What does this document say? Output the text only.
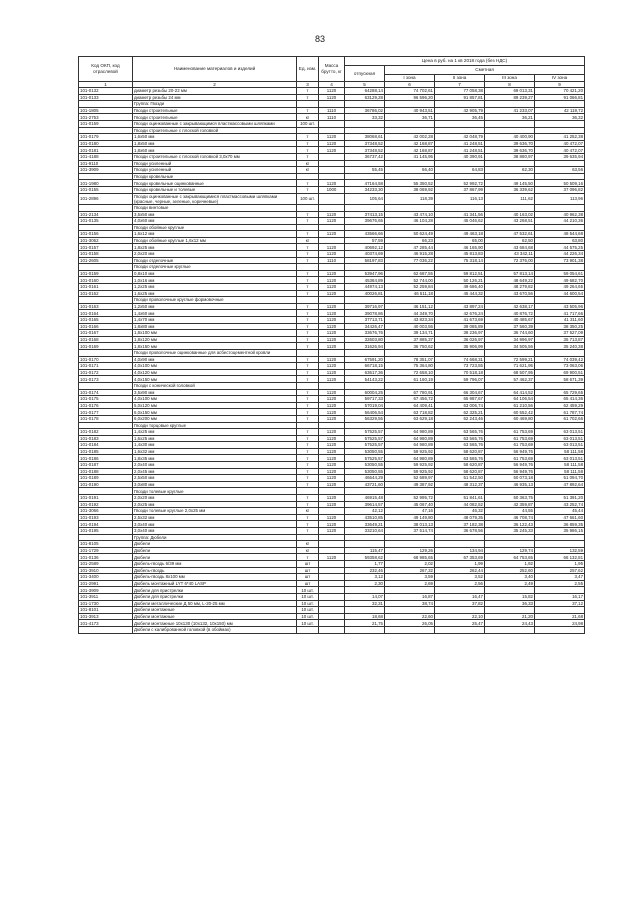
83
Код ОКП, код отраслевой	Наименование материалов и изделий	Ед. изм.	Масса брутто, кг	Цена в руб. на 1 кв 2018 года (без НДС)				
				отпускная	Сметная			
					I зона	II зона	III зона	IV зона
1	2	3	4	5	6	7	8	9
101-0132	диаметр резьбы 20-22 мм	т	1120	64288,14	74 702,61	77 058,38	69 013,31	70 421,20
101-0133	диаметр резьбы 24 мм	т	1120	63129,28	96 596,20	91 857,81	89 239,27	91 066,81
	Группа: Гвозди							
101-1805	Гвозди строительные	т	1110	36786,02	40 943,51	42 905,79	41 233,07	42 119,72
101-2753	Гвозди строительные	кг	1110	33,32	36,71	36,45	36,21	36,32
101-0159	Гвозди оцинкованные с закрывающимся пластмассовыми шляпками	100 шт.						
	Гвозди строительные с плоской головкой							
101-0179	1,6х50 мм	т	1120	38068,61	42 002,28	42 048,79	40 400,90	41 252,38
101-0180	1,8х50 мм	т	1120	37348,52	42 168,87	41 248,51	39 636,70	40 472,07
101-0181	1,8х60 мм	т	1120	37348,52	42 168,87	41 248,51	39 636,70	40 472,07
101-4188	Гвозди строительные с плоской головкой 3,0х70 мм	т		36737,42	41 145,95	40 390,91	38 880,97	39 635,94
101-9110	Гвозди усиленный	кг						
101-3909	Гвозди усиленный	кг		55,45	66,40	64,83	62,30	63,56
	Гвозди кровельные							
101-1980	Гвозди кровельные оцинкованные	т	1120	47164,58	55 350,52	52 992,72	49 145,50	50 509,16
101-0155	Гвозди кровельные и толевые	т	1000	34233,30	38 069,92	37 867,99	36 339,62	37 096,82
101-2896	Гвозди оцинкованные с закрывающимися пластмассовыми шляпками (красные, черные, зеленые, коричневые)	100 шт.		105,64	118,39	116,13	111,62	113,96
	Гвозди винтовые							
101-2134	3,5х50 мм	т	1120	37413,15	43 474,10	41 341,56	40 163,02	40 962,38
101-0135	4,0х60 мм	т	1120	39676,65	46 104,28	45 046,62	43 268,51	44 210,36
	Гвозди обойные круглые							
101-0156	1,6х12 мм	т	1120	43566,66	50 624,49	49 463,18	47 532,61	48 544,68
101-3062	Гвозди обойные круглые 1,6х12 мм	кг		57,59	66,23	65,00	62,50	63,80
101-0157	1,8х25 мм	т	1120	40692,12	47 285,44	46 165,90	43 684,68	44 575,25
101-0158	2,0х20 мм	т	1120	40374,69	46 915,28	45 813,83	43 342,11	44 226,34
101-2605	Гвозди отделочные	т	1110	58197,83	77 036,22	75 318,14	72 376,00	73 901,38
	Гвозди отделочные круглые							
101-0159	0,8х10 мм	т	1120	53947,96	62 687,55	59 812,51	57 813,14	59 054,61
101-0160	1,0х16 мм	т	1120	45384,89	52 744,00	50 126,21	48 649,22	49 682,70
101-0161	1,2х25 мм	т	1120	44974,13	52 259,84	49 686,40	48 279,82	49 264,65
101-0162	1,6х25 мм	т	1120	40026,81	46 511,18	45 444,32	43 670,56	44 600,54
	Гвозди проволочные круглые формовочные							
101-0163	1,2х50 мм	т	1120	39716,97	46 151,12	43 897,24	42 638,17	43 505,96
101-0164	1,4х60 мм	т	1120	39078,86	44 349,70	42 676,24	40 876,72	41 717,66
101-0165	1,4х70 мм	т	1120	37713,71	43 823,34	41 673,69	40 485,67	41 311,60
101-0166	1,8х80 мм	т	1120	34426,47	40 003,56	39 085,89	37 560,39	38 350,25
101-0167	1,8х100 мм	т	1120	33676,76	39 134,71	38 236,97	36 744,60	37 527,09
101-0168	1,8х120 мм	т	1120	32603,80	37 885,37	36 026,97	34 996,97	35 713,87
101-0169	1,8х150 мм	т	1120	31626,94	36 750,62	35 906,99	34 505,56	35 240,38
	Гвозди проволочные оцинкованные для асбестоцементной кровли							
101-0170	4,0х90 мм	т	1120	67591,20	78 351,07	74 668,31	72 599,21	74 039,42
101-0171	4,0х100 мм	т	1120	66718,15	75 364,80	73 723,55	71 621,95	73 063,06
101-0172	4,0х120 мм	т	1120	63617,36	72 658,10	70 518,18	68 507,95	69 900,51
101-0173	4,0х150 мм	т	1120	54143,22	61 160,19	59 796,07	57 462,37	58 671,39
	Гвозди с конической головкой							
101-0174	3,5х90 мм	т	1120	60004,25	67 780,91	66 304,67	64 414,52	65 729,65
101-0175	4,0х100 мм	т	1120	59717,33	67 456,72	65 987,67	64 106,54	65 414,36
101-0176	5,0х120 мм	т	1120	57019,04	64 409,41	63 006,74	61 210,56	62 459,29
101-0177	6,0х150 мм	т	1120	56406,54	63 718,82	62 325,21	60 552,42	61 787,74
101-0178	6,0х200 мм	т	1120	56329,55	63 629,18	62 243,46	60 469,80	61 702,66
	Гвозди торцовые круглые							
101-0182	1,4х25 мм	т	1120	57525,57	64 980,89	63 565,76	61 753,69	63 013,51
101-0183	1,6х25 мм	т	1120	57525,57	64 980,89	63 565,76	61 753,69	63 013,51
101-0184	1,4х30 мм	т	1120	57525,57	64 980,89	63 565,76	61 753,69	63 013,51
101-0185	1,6х32 мм	т	1120	53050,55	59 925,92	58 620,87	56 949,76	58 111,58
101-0186	1,8х35 мм	т	1120	57525,57	64 980,89	63 565,76	61 753,69	63 013,51
101-0187	2,0х40 мм	т	1120	53050,55	59 925,92	58 620,87	56 949,76	58 111,58
101-0188	2,0х45 мм	т	1120	53050,55	59 925,92	58 620,87	56 949,76	58 111,58
101-0189	2,5х50 мм	т	1120	46644,29	52 689,97	51 542,50	50 073,18	51 094,70
101-0190	3,0х80 мм	т	1120	43721,60	49 387,92	48 312,37	46 935,13	47 892,64
	Гвозди толевые круглые							
101-0191	2,0х20 мм	т	1120	46915,48	52 995,72	51 841,61	50 363,75	51 391,20
101-0192	2,0х25 мм	т	1120	39614,57	45 067,40	44 082,52	42 359,87	43 252,74
101-3066	Гвозди толевые круглые 2,0х25 мм	кг		42,12	47,16	46,32	44,55	45,44
101-0193	2,5х32 мм	т	1120	43510,85	49 149,80	48 079,35	46 708,74	47 661,60
101-0194	3,0х40 мм	т	1120	33649,21	38 013,13	37 182,38	36 122,43	36 859,35
101-0195	3,0х40 мм	т	1120	33210,64	37 514,74	36 678,56	35 245,33	35 986,15
	Группа: Дюбели							
101-8105	Дюбели	кг						
101-1729	Дюбели	кг		115,47	129,26	134,94	129,74	132,59
101-0136	Дюбели	т	1120	59358,62	68 985,65	67 353,69	64 753,65	66 132,81
101-2589	Дюбель-гвоздь 6/39 мм	шт		1,77	2,02	1,99	1,92	1,95
101-3910	Дюбель-гвоздь	шт		232,46	267,32	262,44	252,60	257,62
101-3400	Дюбель-гвоздь 8х100 мм	шт		3,12	3,59	3,52	3,40	3,47
101-2991	Дюбель монтажный LYT 6*40 LASP	шт		2,30	2,69	2,56	2,49	2,55
101-3909	Дюбели для пристрелки	10 шт.						
101-3911	Дюбели для пристрелки	10 шт.		14,07	16,87	16,47	15,82	16,17
101-1730	Дюбели металлические Д 50 мм, L-20-25 мм	10 шт.		32,31	38,74	37,82	36,33	37,12
101-8101	Дюбели монтажные	10 шт.						
101-3913	Дюбели монтажные	10 шт.		18,68	22,60	22,10	21,20	21,68
101-4173	Дюбели монтажные 10х130 (10х132, 10х150) мм	10 шт.		21,75	26,05	25,47	24,43	24,98
	Дюбели с калиброванной головкой (в обоймах)							
